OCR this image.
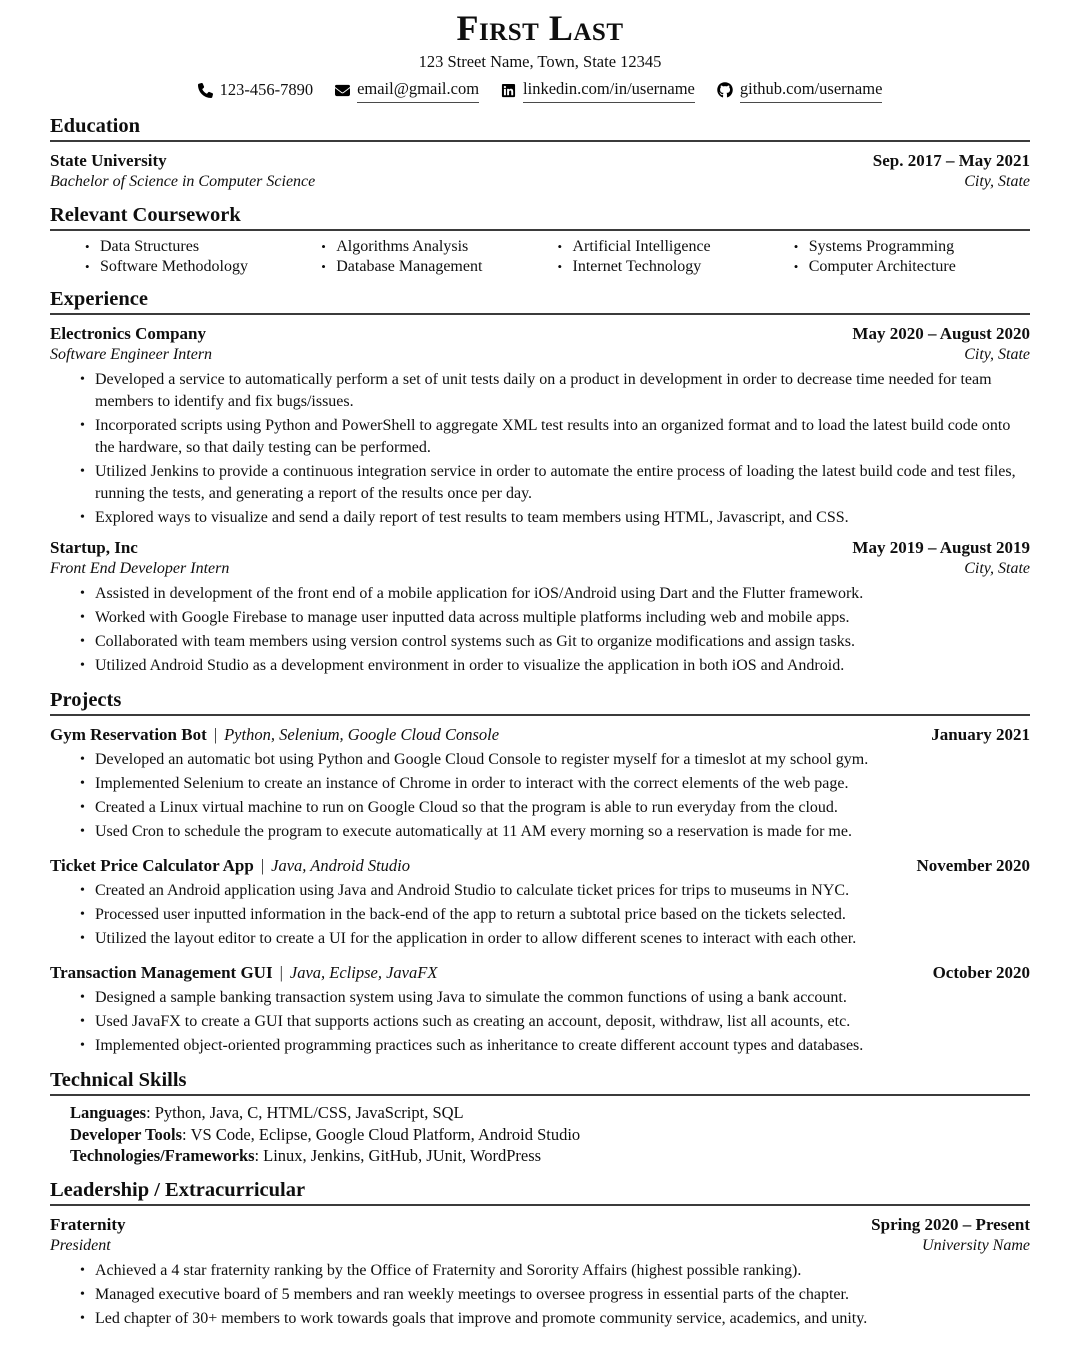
First Last
123 Street Name, Town, State 12345
123-456-7890	email@gmail.com	linkedin.com/in/username	github.com/username
Education
State University	Sep. 2017 – May 2021
Bachelor of Science in Computer Science	City, State
Relevant Coursework
• Data Structures
• Software Methodology
• Algorithms Analysis
• Database Management
• Artificial Intelligence
• Internet Technology
• Systems Programming
• Computer Architecture
Experience
Electronics Company	May 2020 – August 2020
Software Engineer Intern	City, State
• Developed a service to automatically perform a set of unit tests daily on a product in development in order to decrease time needed for team members to identify and fix bugs/issues.
• Incorporated scripts using Python and PowerShell to aggregate XML test results into an organized format and to load the latest build code onto the hardware, so that daily testing can be performed.
• Utilized Jenkins to provide a continuous integration service in order to automate the entire process of loading the latest build code and test files, running the tests, and generating a report of the results once per day.
• Explored ways to visualize and send a daily report of test results to team members using HTML, Javascript, and CSS.
Startup, Inc	May 2019 – August 2019
Front End Developer Intern	City, State
• Assisted in development of the front end of a mobile application for iOS/Android using Dart and the Flutter framework.
• Worked with Google Firebase to manage user inputted data across multiple platforms including web and mobile apps.
• Collaborated with team members using version control systems such as Git to organize modifications and assign tasks.
• Utilized Android Studio as a development environment in order to visualize the application in both iOS and Android.
Projects
Gym Reservation Bot | Python, Selenium, Google Cloud Console	January 2021
• Developed an automatic bot using Python and Google Cloud Console to register myself for a timeslot at my school gym.
• Implemented Selenium to create an instance of Chrome in order to interact with the correct elements of the web page.
• Created a Linux virtual machine to run on Google Cloud so that the program is able to run everyday from the cloud.
• Used Cron to schedule the program to execute automatically at 11 AM every morning so a reservation is made for me.
Ticket Price Calculator App | Java, Android Studio	November 2020
• Created an Android application using Java and Android Studio to calculate ticket prices for trips to museums in NYC.
• Processed user inputted information in the back-end of the app to return a subtotal price based on the tickets selected.
• Utilized the layout editor to create a UI for the application in order to allow different scenes to interact with each other.
Transaction Management GUI | Java, Eclipse, JavaFX	October 2020
• Designed a sample banking transaction system using Java to simulate the common functions of using a bank account.
• Used JavaFX to create a GUI that supports actions such as creating an account, deposit, withdraw, list all acounts, etc.
• Implemented object-oriented programming practices such as inheritance to create different account types and databases.
Technical Skills
Languages: Python, Java, C, HTML/CSS, JavaScript, SQL
Developer Tools: VS Code, Eclipse, Google Cloud Platform, Android Studio
Technologies/Frameworks: Linux, Jenkins, GitHub, JUnit, WordPress
Leadership / Extracurricular
Fraternity	Spring 2020 – Present
President	University Name
• Achieved a 4 star fraternity ranking by the Office of Fraternity and Sorority Affairs (highest possible ranking).
• Managed executive board of 5 members and ran weekly meetings to oversee progress in essential parts of the chapter.
• Led chapter of 30+ members to work towards goals that improve and promote community service, academics, and unity.
